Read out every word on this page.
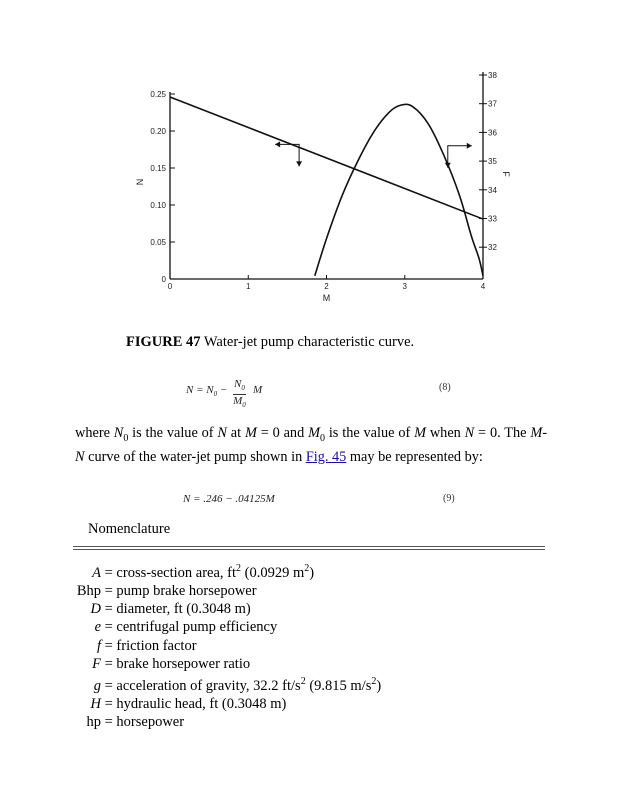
0	1	2	3	4
0
0.05
0.10
0.15
0.20
0.25
32
33
34
35
36
37
38
M
N
F
FIGURE 47 Water-jet pump characteristic curve.
$N = N_0 - \frac{N_0}{M_0}$ M	(8)
where $N_0$ is the value of N at M = 0 and $M_0$ is the value of M when N = 0. The M-N curve of the water-jet pump shown in Fig. 45 may be represented by:
N = .246 − .04125M	(9)
Nomenclature
A = cross-section area, $ft^2$ (0.0929 $m^2$)
Bhp = pump brake horsepower
D = diameter, ft (0.3048 m)
e = centrifugal pump efficiency
f = friction factor
F = brake horsepower ratio
g = acceleration of gravity, 32.2 $ft/s^2$ (9.815 $m/s^2$)
H = hydraulic head, ft (0.3048 m)
hp = horsepower
